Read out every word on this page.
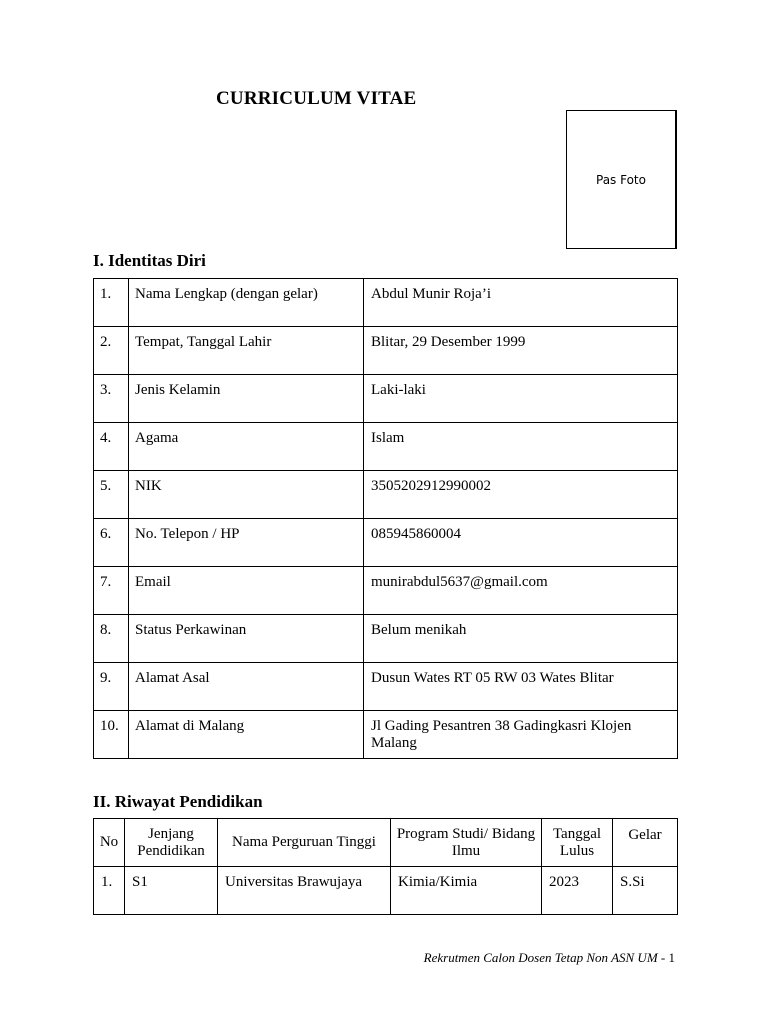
CURRICULUM VITAE
Pas Foto
I. Identitas Diri
1.	Nama Lengkap (dengan gelar)	Abdul Munir Roja’i
2.	Tempat, Tanggal Lahir	Blitar, 29 Desember 1999
3.	Jenis Kelamin	Laki-laki
4.	Agama	Islam
5.	NIK	3505202912990002
6.	No. Telepon / HP	085945860004
7.	Email	munirabdul5637@gmail.com
8.	Status Perkawinan	Belum menikah
9.	Alamat Asal	Dusun Wates RT 05 RW 03 Wates Blitar
10.	Alamat di Malang	Jl Gading Pesantren 38 Gadingkasri Klojen Malang
II. Riwayat Pendidikan
No	Jenjang Pendidikan	Nama Perguruan Tinggi	Program Studi/ Bidang Ilmu	Tanggal Lulus	Gelar
1.	S1	Universitas Brawujaya	Kimia/Kimia	2023	S.Si
Rekrutmen Calon Dosen Tetap Non ASN UM - 1
